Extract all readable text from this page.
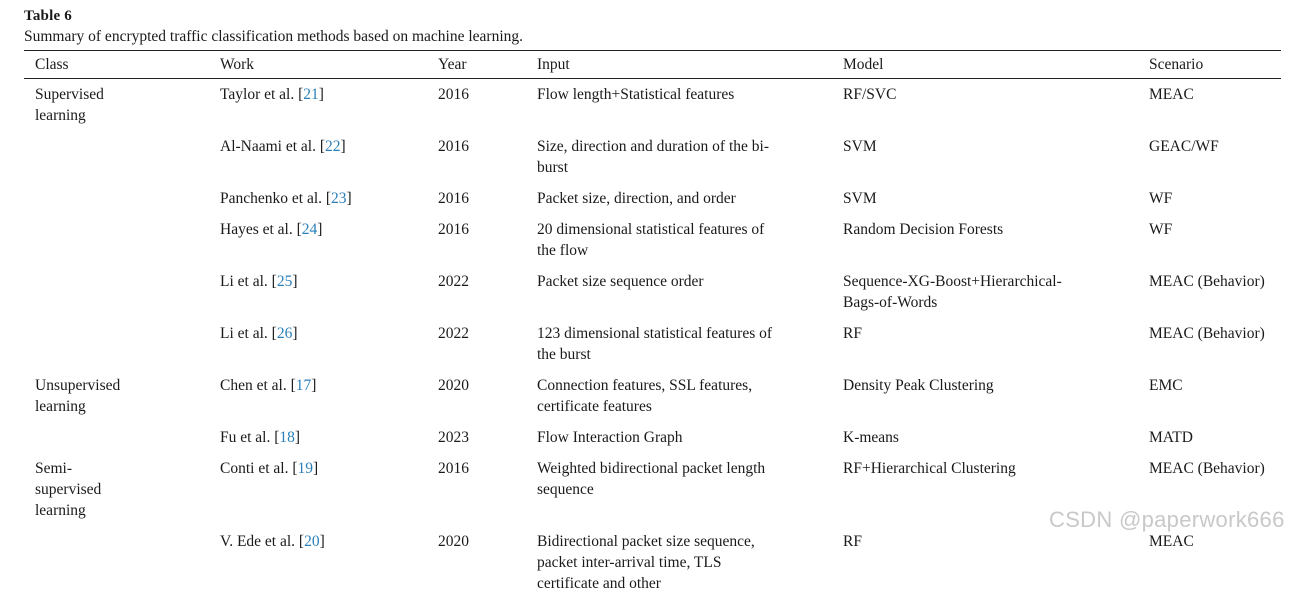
Table 6
Summary of encrypted traffic classification methods based on machine learning.
Class	Work	Year	Input	Model	Scenario

Supervised learning	Taylor et al. [21]	2016	Flow length+Statistical features	RF/SVC	MEAC

	Al-Naami et al. [22]	2016	Size, direction and duration of the bi-burst	SVM	GEAC/WF

	Panchenko et al. [23]	2016	Packet size, direction, and order	SVM	WF

	Hayes et al. [24]	2016	20 dimensional statistical features of the flow	Random Decision Forests	WF

	Li et al. [25]	2022	Packet size sequence order	Sequence-XG-Boost+Hierarchical-Bags-of-Words	MEAC (Behavior)

	Li et al. [26]	2022	123 dimensional statistical features of the burst	RF	MEAC (Behavior)

Unsupervised learning	Chen et al. [17]	2020	Connection features, SSL features, certificate features	Density Peak Clustering	EMC

	Fu et al. [18]	2023	Flow Interaction Graph	K-means	MATD

Semi-supervised learning	Conti et al. [19]	2016	Weighted bidirectional packet length sequence	RF+Hierarchical Clustering	MEAC (Behavior)

	V. Ede et al. [20]	2020	Bidirectional packet size sequence, packet inter-arrival time, TLS certificate and other	RF	MEAC
CSDN @paperwork666
